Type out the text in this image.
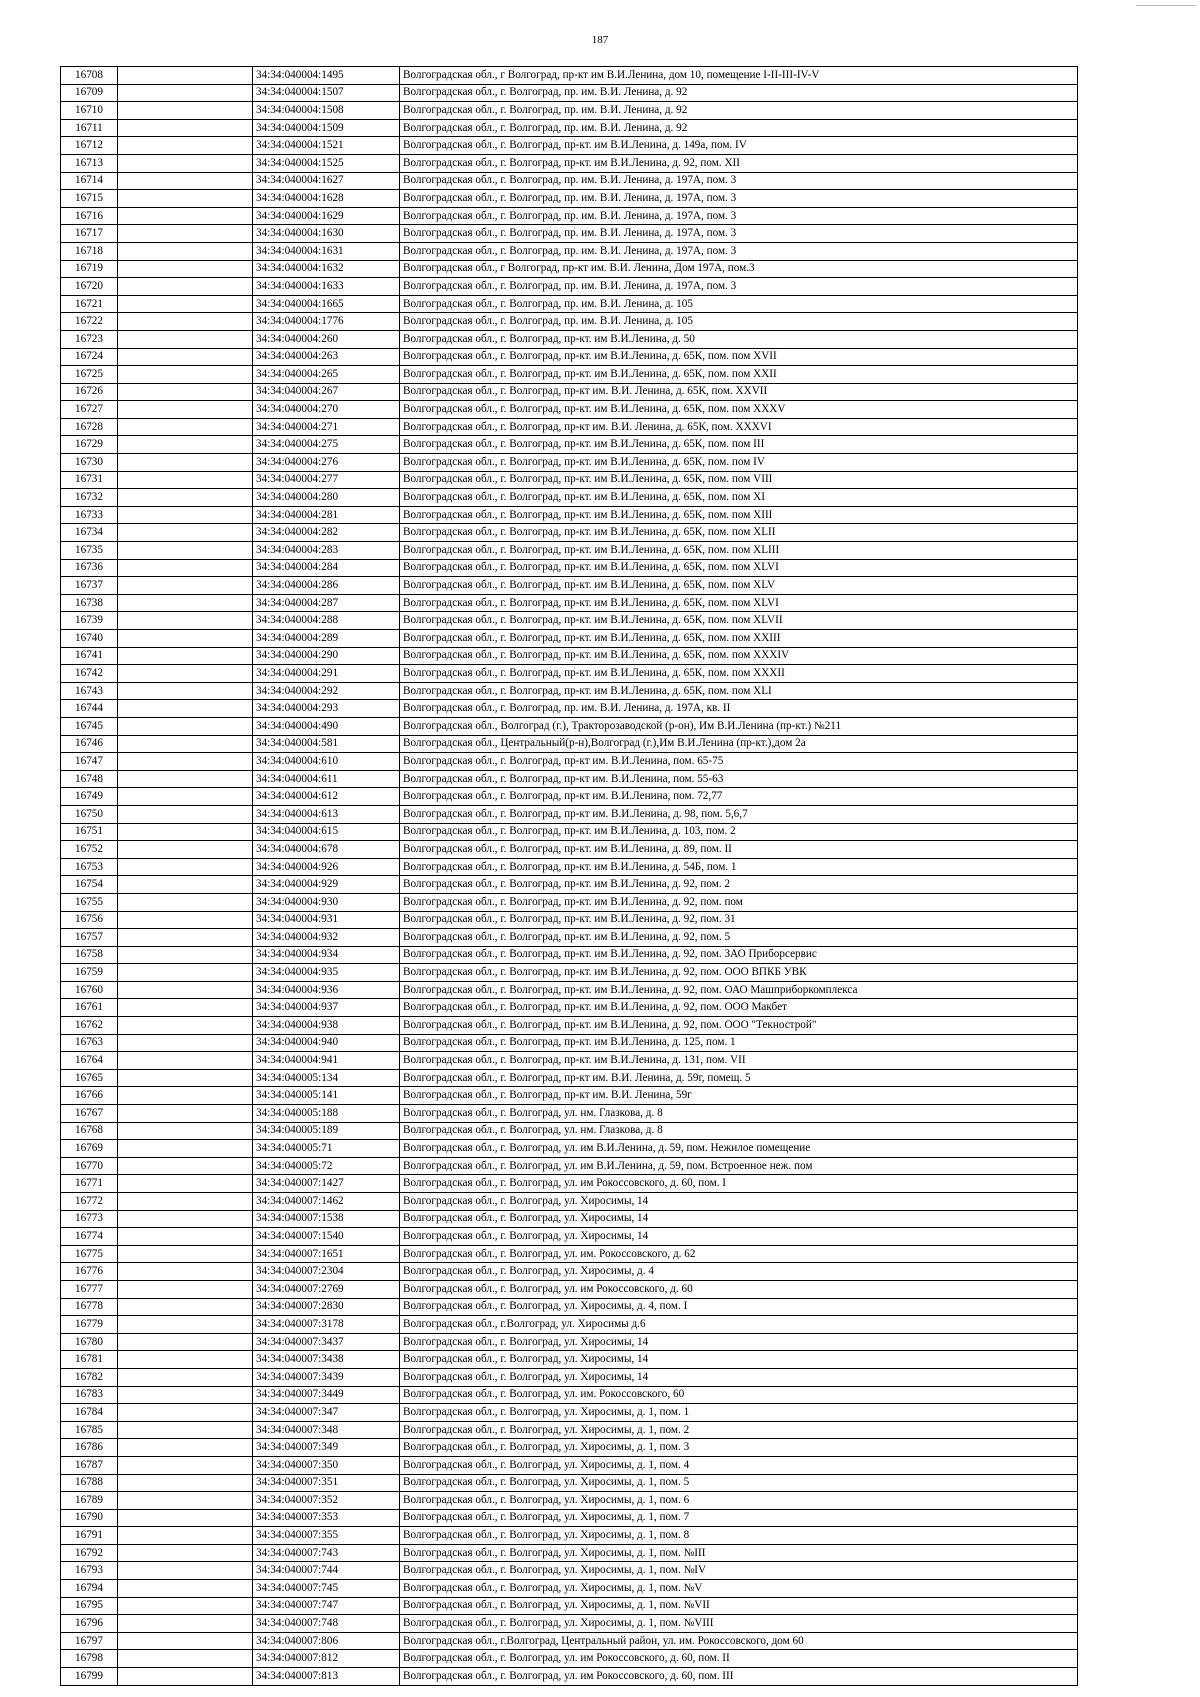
187
16708		34:34:040004:1495	Волгоградская обл., г Волгоград, пр-кт им В.И.Ленина, дом 10, помещение I-II-III-IV-V
16709		34:34:040004:1507	Волгоградская обл., г. Волгоград, пр. им. В.И. Ленина, д. 92
16710		34:34:040004:1508	Волгоградская обл., г. Волгоград, пр. им. В.И. Ленина, д. 92
16711		34:34:040004:1509	Волгоградская обл., г. Волгоград, пр. им. В.И. Ленина, д. 92
16712		34:34:040004:1521	Волгоградская обл., г. Волгоград, пр-кт. им В.И.Ленина, д. 149а, пом. IV
16713		34:34:040004:1525	Волгоградская обл., г. Волгоград, пр-кт. им В.И.Ленина, д. 92, пом. XII
16714		34:34:040004:1627	Волгоградская обл., г. Волгоград, пр. им. В.И. Ленина, д. 197А, пом. 3
16715		34:34:040004:1628	Волгоградская обл., г. Волгоград, пр. им. В.И. Ленина, д. 197А, пом. 3
16716		34:34:040004:1629	Волгоградская обл., г. Волгоград, пр. им. В.И. Ленина, д. 197А, пом. 3
16717		34:34:040004:1630	Волгоградская обл., г. Волгоград, пр. им. В.И. Ленина, д. 197А, пом. 3
16718		34:34:040004:1631	Волгоградская обл., г. Волгоград, пр. им. В.И. Ленина, д. 197А, пом. 3
16719		34:34:040004:1632	Волгоградская обл., г Волгоград, пр-кт им. В.И. Ленина, Дом 197А, пом.3
16720		34:34:040004:1633	Волгоградская обл., г. Волгоград, пр. им. В.И. Ленина, д. 197А, пом. 3
16721		34:34:040004:1665	Волгоградская обл., г. Волгоград, пр. им. В.И. Ленина, д. 105
16722		34:34:040004:1776	Волгоградская обл., г. Волгоград, пр. им. В.И. Ленина, д. 105
16723		34:34:040004:260	Волгоградская обл., г. Волгоград, пр-кт. им В.И.Ленина, д. 50
16724		34:34:040004:263	Волгоградская обл., г. Волгоград, пр-кт. им В.И.Ленина, д. 65К, пом. пом XVII
16725		34:34:040004:265	Волгоградская обл., г. Волгоград, пр-кт. им В.И.Ленина, д. 65К, пом. пом XXII
16726		34:34:040004:267	Волгоградская обл., г. Волгоград, пр-кт им. В.И. Ленина, д. 65К, пом. XXVII
16727		34:34:040004:270	Волгоградская обл., г. Волгоград, пр-кт. им В.И.Ленина, д. 65К, пом. пом XXXV
16728		34:34:040004:271	Волгоградская обл., г. Волгоград, пр-кт им. В.И. Ленина, д. 65К, пом. XXXVI
16729		34:34:040004:275	Волгоградская обл., г. Волгоград, пр-кт. им В.И.Ленина, д. 65К, пом. пом III
16730		34:34:040004:276	Волгоградская обл., г. Волгоград, пр-кт. им В.И.Ленина, д. 65К, пом. пом IV
16731		34:34:040004:277	Волгоградская обл., г. Волгоград, пр-кт. им В.И.Ленина, д. 65К, пом. пом VIII
16732		34:34:040004:280	Волгоградская обл., г. Волгоград, пр-кт. им В.И.Ленина, д. 65К, пом. пом XI
16733		34:34:040004:281	Волгоградская обл., г. Волгоград, пр-кт. им В.И.Ленина, д. 65К, пом. пом XIII
16734		34:34:040004:282	Волгоградская обл., г. Волгоград, пр-кт. им В.И.Ленина, д. 65К, пом. пом XLII
16735		34:34:040004:283	Волгоградская обл., г. Волгоград, пр-кт. им В.И.Ленина, д. 65К, пом. пом XLIII
16736		34:34:040004:284	Волгоградская обл., г. Волгоград, пр-кт. им В.И.Ленина, д. 65К, пом. пом XLVI
16737		34:34:040004:286	Волгоградская обл., г. Волгоград, пр-кт. им В.И.Ленина, д. 65К, пом. пом XLV
16738		34:34:040004:287	Волгоградская обл., г. Волгоград, пр-кт. им В.И.Ленина, д. 65К, пом. пом XLVI
16739		34:34:040004:288	Волгоградская обл., г. Волгоград, пр-кт. им В.И.Ленина, д. 65К, пом. пом XLVII
16740		34:34:040004:289	Волгоградская обл., г. Волгоград, пр-кт. им В.И.Ленина, д. 65К, пом. пом XXIII
16741		34:34:040004:290	Волгоградская обл., г. Волгоград, пр-кт. им В.И.Ленина, д. 65К, пом. пом XXXIV
16742		34:34:040004:291	Волгоградская обл., г. Волгоград, пр-кт. им В.И.Ленина, д. 65К, пом. пом XXXII
16743		34:34:040004:292	Волгоградская обл., г. Волгоград, пр-кт. им В.И.Ленина, д. 65К, пом. пом XLI
16744		34:34:040004:293	Волгоградская обл., г. Волгоград, пр. им. В.И. Ленина, д. 197А, кв. II
16745		34:34:040004:490	Волгоградская обл., Волгоград (г.), Тракторозаводской (р-он), Им В.И.Ленина (пр-кт.) №211
16746		34:34:040004:581	Волгоградская обл., Центральный(р-н),Волгоград (г.),Им В.И.Ленина (пр-кт.),дом 2а
16747		34:34:040004:610	Волгоградская обл., г. Волгоград, пр-кт им. В.И.Ленина, пом. 65-75
16748		34:34:040004:611	Волгоградская обл., г. Волгоград, пр-кт им. В.И.Ленина, пом. 55-63
16749		34:34:040004:612	Волгоградская обл., г. Волгоград, пр-кт им. В.И.Ленина, пом. 72,77
16750		34:34:040004:613	Волгоградская обл., г. Волгоград, пр-кт им. В.И.Ленина, д. 98, пом. 5,6,7
16751		34:34:040004:615	Волгоградская обл., г. Волгоград, пр-кт. им В.И.Ленина, д. 103, пом. 2
16752		34:34:040004:678	Волгоградская обл., г. Волгоград, пр-кт. им В.И.Ленина, д. 89, пом. II
16753		34:34:040004:926	Волгоградская обл., г. Волгоград, пр-кт. им В.И.Ленина, д. 54Б, пом. 1
16754		34:34:040004:929	Волгоградская обл., г. Волгоград, пр-кт. им В.И.Ленина, д. 92, пом. 2
16755		34:34:040004:930	Волгоградская обл., г. Волгоград, пр-кт. им В.И.Ленина, д. 92, пом. пом
16756		34:34:040004:931	Волгоградская обл., г. Волгоград, пр-кт. им В.И.Ленина, д. 92, пом. 31
16757		34:34:040004:932	Волгоградская обл., г. Волгоград, пр-кт. им В.И.Ленина, д. 92, пом. 5
16758		34:34:040004:934	Волгоградская обл., г. Волгоград, пр-кт. им В.И.Ленина, д. 92, пом. ЗАО Приборсервис
16759		34:34:040004:935	Волгоградская обл., г. Волгоград, пр-кт. им В.И.Ленина, д. 92, пом. ООО ВПКБ УВК
16760		34:34:040004:936	Волгоградская обл., г. Волгоград, пр-кт. им В.И.Ленина, д. 92, пом. ОАО Машприборкомплекса
16761		34:34:040004:937	Волгоградская обл., г. Волгоград, пр-кт. им В.И.Ленина, д. 92, пом. ООО Макбет
16762		34:34:040004:938	Волгоградская обл., г. Волгоград, пр-кт. им В.И.Ленина, д. 92, пом. ООО "Текнострой"
16763		34:34:040004:940	Волгоградская обл., г. Волгоград, пр-кт. им В.И.Ленина, д. 125, пом. 1
16764		34:34:040004:941	Волгоградская обл., г. Волгоград, пр-кт. им В.И.Ленина, д. 131, пом. VII
16765		34:34:040005:134	Волгоградская обл., г. Волгоград, пр-кт им. В.И. Ленина, д. 59г, помещ. 5
16766		34:34:040005:141	Волгоградская обл., г. Волгоград, пр-кт им. В.И. Ленина, 59г
16767		34:34:040005:188	Волгоградская обл., г. Волгоград, ул. нм. Глазкова, д. 8
16768		34:34:040005:189	Волгоградская обл., г. Волгоград, ул. нм. Глазкова, д. 8
16769		34:34:040005:71	Волгоградская обл., г. Волгоград, ул. им В.И.Ленина, д. 59, пом. Нежилое помещение
16770		34:34:040005:72	Волгоградская обл., г. Волгоград, ул. им В.И.Ленина, д. 59, пом. Встроенное неж. пом
16771		34:34:040007:1427	Волгоградская обл., г. Волгоград, ул. им Рокоссовского, д. 60, пом. I
16772		34:34:040007:1462	Волгоградская обл., г. Волгоград, ул. Хиросимы, 14
16773		34:34:040007:1538	Волгоградская обл., г. Волгоград, ул. Хиросимы, 14
16774		34:34:040007:1540	Волгоградская обл., г. Волгоград, ул. Хиросимы, 14
16775		34:34:040007:1651	Волгоградская обл., г. Волгоград, ул. им. Рокоссовского, д. 62
16776		34:34:040007:2304	Волгоградская обл., г. Волгоград, ул. Хиросимы, д. 4
16777		34:34:040007:2769	Волгоградская обл., г. Волгоград, ул. им Рокоссовского, д. 60
16778		34:34:040007:2830	Волгоградская обл., г. Волгоград, ул. Хиросимы, д. 4, пом. I
16779		34:34:040007:3178	Волгоградская обл., г.Волгоград, ул. Хиросимы д.6
16780		34:34:040007:3437	Волгоградская обл., г. Волгоград, ул. Хиросимы, 14
16781		34:34:040007:3438	Волгоградская обл., г. Волгоград, ул. Хиросимы, 14
16782		34:34:040007:3439	Волгоградская обл., г. Волгоград, ул. Хиросимы, 14
16783		34:34:040007:3449	Волгоградская обл., г. Волгоград, ул. им. Рокоссовского, 60
16784		34:34:040007:347	Волгоградская обл., г. Волгоград, ул. Хиросимы, д. 1, пом. 1
16785		34:34:040007:348	Волгоградская обл., г. Волгоград, ул. Хиросимы, д. 1, пом. 2
16786		34:34:040007:349	Волгоградская обл., г. Волгоград, ул. Хиросимы, д. 1, пом. 3
16787		34:34:040007:350	Волгоградская обл., г. Волгоград, ул. Хиросимы, д. 1, пом. 4
16788		34:34:040007:351	Волгоградская обл., г. Волгоград, ул. Хиросимы, д. 1, пом. 5
16789		34:34:040007:352	Волгоградская обл., г. Волгоград, ул. Хиросимы, д. 1, пом. 6
16790		34:34:040007:353	Волгоградская обл., г. Волгоград, ул. Хиросимы, д. 1, пом. 7
16791		34:34:040007:355	Волгоградская обл., г. Волгоград, ул. Хиросимы, д. 1, пом. 8
16792		34:34:040007:743	Волгоградская обл., г. Волгоград, ул. Хиросимы, д. 1, пом. №III
16793		34:34:040007:744	Волгоградская обл., г. Волгоград, ул. Хиросимы, д. 1, пом. №IV
16794		34:34:040007:745	Волгоградская обл., г. Волгоград, ул. Хиросимы, д. 1, пом. №V
16795		34:34:040007:747	Волгоградская обл., г. Волгоград, ул. Хиросимы, д. 1, пом. №VII
16796		34:34:040007:748	Волгоградская обл., г. Волгоград, ул. Хиросимы, д. 1, пом. №VIII
16797		34:34:040007:806	Волгоградская обл., г.Волгоград, Центральный район, ул. им. Рокоссовского, дом 60
16798		34:34:040007:812	Волгоградская обл., г. Волгоград, ул. им Рокоссовского, д. 60, пом. II
16799		34:34:040007:813	Волгоградская обл., г. Волгоград, ул. им Рокоссовского, д. 60, пом. III
